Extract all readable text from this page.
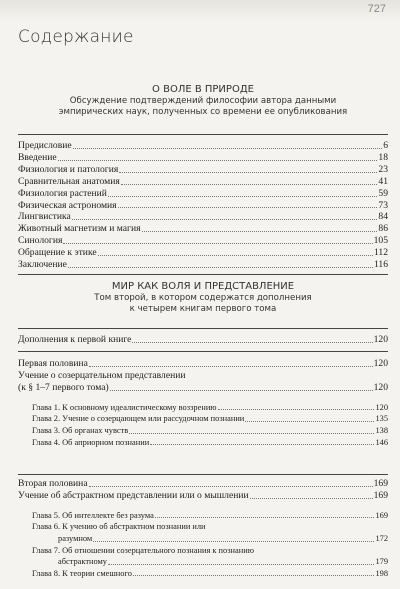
727
Содержание
О ВОЛЕ В ПРИРОДЕ
Обсуждение подтверждений философии автора данными
эмпирических наук, полученных со времени ее опубликования
Предисловие	6
Введение	18
Физиология и патология	23
Сравнительная анатомия	41
Физиология растений	59
Физическая астрономия	73
Лингвистика	84
Животный магнетизм и магия	86
Синология	105
Обращение к этике	112
Заключение	116
МИР КАК ВОЛЯ И ПРЕДСТАВЛЕНИЕ
Том второй, в котором содержатся дополнения
к четырем книгам первого тома
Дополнения к первой книге	120
Первая половина	120
Учение о созерцательном представлении
(к § 1–7 первого тома)	120
Глава 1. К основному идеалистическому воззрению	120
Глава 2. Учение о созерцающем или рассудочном познании	135
Глава 3. Об органах чувств	138
Глава 4. Об априорном познании	146
Вторая половина	169
Учение об абстрактном представлении или о мышлении	169
Глава 5. Об интеллекте без разума	169
Глава 6. К учению об абстрактном познании или
разумном	172
Глава 7. Об отношении созерцательного познания к познанию
абстрактному	179
Глава 8. К теории смешного	198
